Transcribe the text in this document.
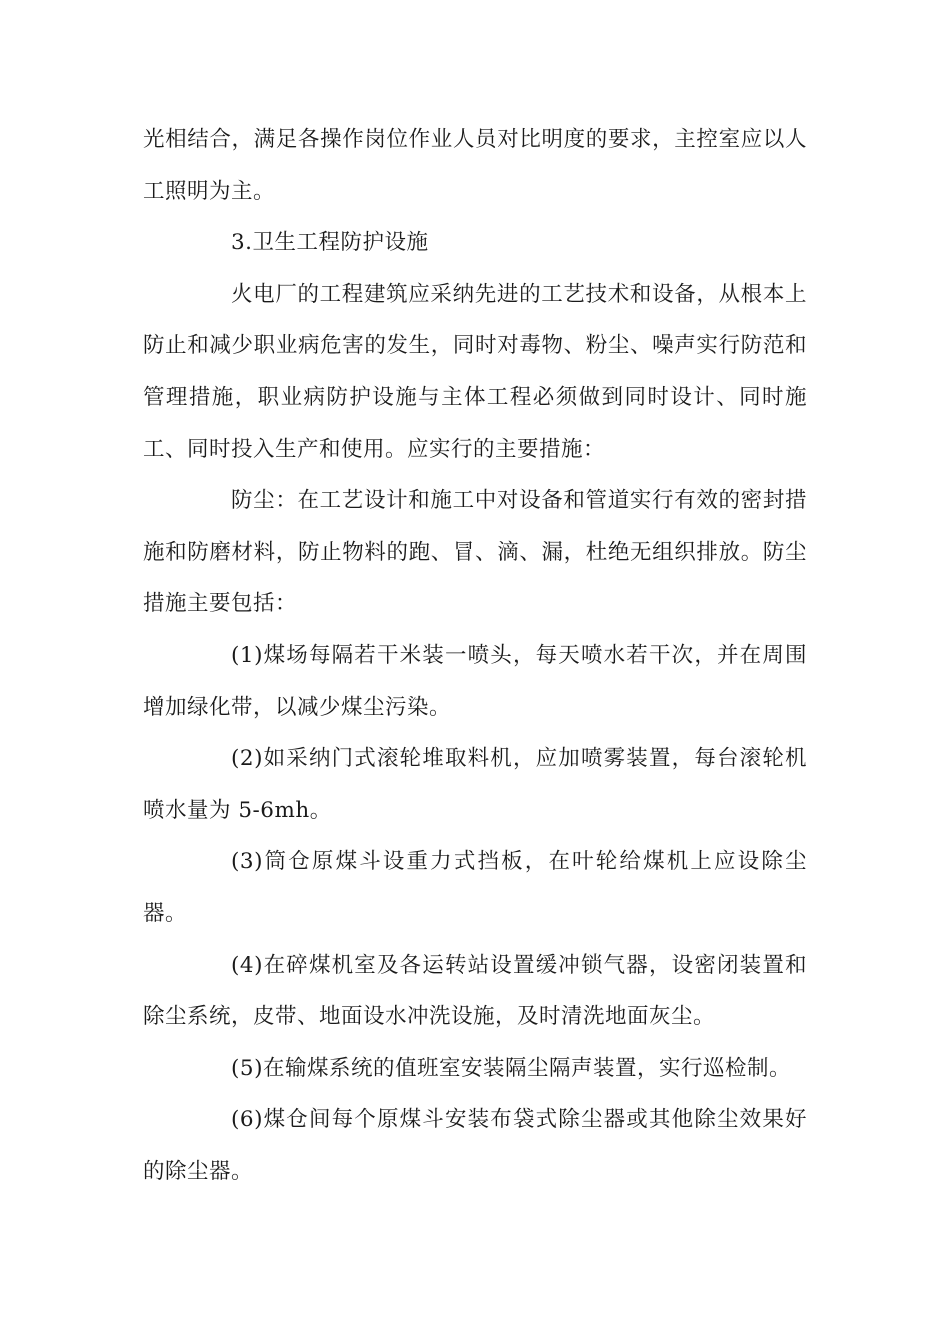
光相结合，满足各操作岗位作业人员对比明度的要求，主控室应以人工照明为主。

3.卫生工程防护设施

火电厂的工程建筑应采纳先进的工艺技术和设备，从根本上防止和减少职业病危害的发生，同时对毒物、粉尘、噪声实行防范和管理措施，职业病防护设施与主体工程必须做到同时设计、同时施工、同时投入生产和使用。应实行的主要措施：

防尘：在工艺设计和施工中对设备和管道实行有效的密封措施和防磨材料，防止物料的跑、冒、滴、漏，杜绝无组织排放。防尘措施主要包括：

(1)煤场每隔若干米装一喷头，每天喷水若干次，并在周围增加绿化带，以减少煤尘污染。

(2)如采纳门式滚轮堆取料机，应加喷雾装置，每台滚轮机喷水量为 5-6mh。

(3)筒仓原煤斗设重力式挡板，在叶轮给煤机上应设除尘器。

(4)在碎煤机室及各运转站设置缓冲锁气器，设密闭装置和除尘系统，皮带、地面设水冲洗设施，及时清洗地面灰尘。

(5)在输煤系统的值班室安装隔尘隔声装置，实行巡检制。

(6)煤仓间每个原煤斗安装布袋式除尘器或其他除尘效果好的除尘器。
